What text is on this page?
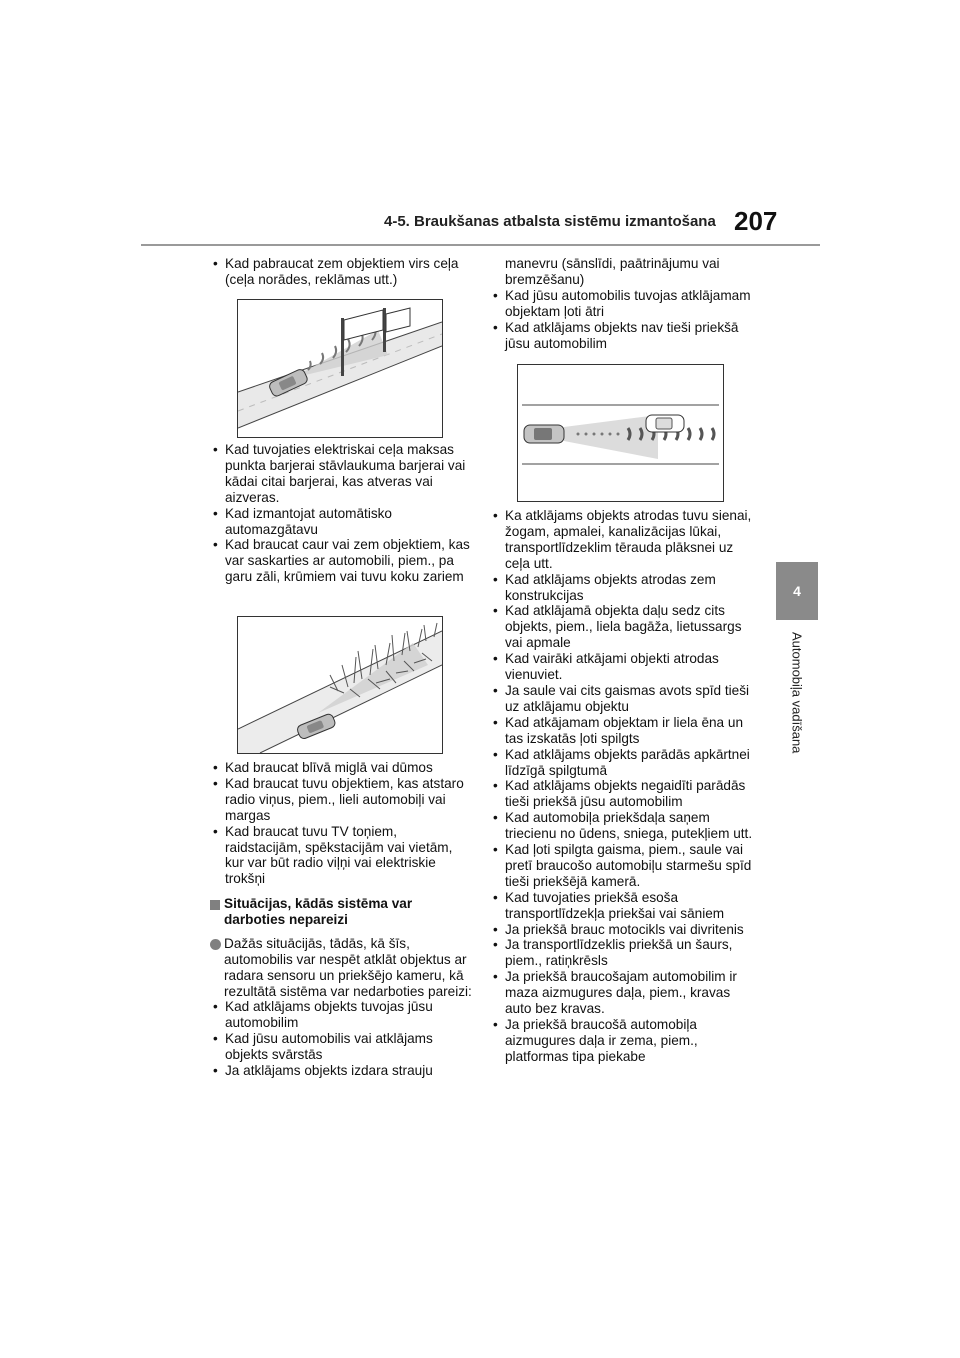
4-5. Braukšanas atbalsta sistēmu izmantošana 207
4
Automobiļa vadīšana

• Kad pabraucat zem objektiem virs ceļa (ceļa norādes, reklāmas utt.)

• Kad tuvojaties elektriskai ceļa maksas punkta barjerai stāvlaukuma barjerai vai kādai citai barjerai, kas atveras vai aizveras.

• Kad izmantojat automātisko automazgātavu

• Kad braucat caur vai zem objektiem, kas var saskarties ar automobili, piem., pa garu zāli, krūmiem vai tuvu koku zariem

• Kad braucat blīvā miglā vai dūmos

• Kad braucat tuvu objektiem, kas atstaro radio viņus, piem., lieli automobiļi vai margas

• Kad braucat tuvu TV toņiem, raidstacijām, spēkstacijām vai vietām, kur var būt radio viļņi vai elektriskie trokšņi

Situācijas, kādās sistēma var darboties nepareizi

Dažās situācijās, tādās, kā šīs, automobilis var nespēt atklāt objektus ar radara sensoru un priekšējo kameru, kā rezultātā sistēma var nedarboties pareizi:

• Kad atklājams objekts tuvojas jūsu automobilim

• Kad jūsu automobilis vai atklājams objekts svārstās

• Ja atklājams objekts izdara strauju

manevru (sānslīdi, paātrinājumu vai bremzēšanu)

• Kad jūsu automobilis tuvojas atklājamam objektam ļoti ātri

• Kad atklājams objekts nav tieši priekšā jūsu automobilim

• Ka atklājams objekts atrodas tuvu sienai, žogam, apmalei, kanalizācijas lūkai, transportlīdzeklim tērauda plāksnei uz ceļa utt.

• Kad atklājams objekts atrodas zem konstrukcijas

• Kad atklājamā objekta daļu sedz cits objekts, piem., liela bagāža, lietussargs vai apmale

• Kad vairāki atkājami objekti atrodas vienuviet.

• Ja saule vai cits gaismas avots spīd tieši uz atklājamu objektu

• Kad atkājamam objektam ir liela ēna un tas izskatās ļoti spilgts

• Kad atklājams objekts parādās apkārtnei līdzīgā spilgtumā

• Kad atklājams objekts negaidīti parādās tieši priekšā jūsu automobilim

• Kad automobiļa priekšdaļa saņem triecienu no ūdens, sniega, putekļiem utt.

• Kad ļoti spilgta gaisma, piem., saule vai pretī braucošo automobiļu starmešu spīd tieši priekšējā kamerā.

• Kad tuvojaties priekšā esoša transportlīdzekļa priekšai vai sāniem

• Ja priekšā brauc motocikls vai divritenis

• Ja transportlīdzeklis priekšā un šaurs, piem., ratiņkrēsls

• Ja priekšā braucošajam automobilim ir maza aizmugures daļa, piem., kravas auto bez kravas.

• Ja priekšā braucošā automobiļa aizmugures daļa ir zema, piem., platformas tipa piekabe
